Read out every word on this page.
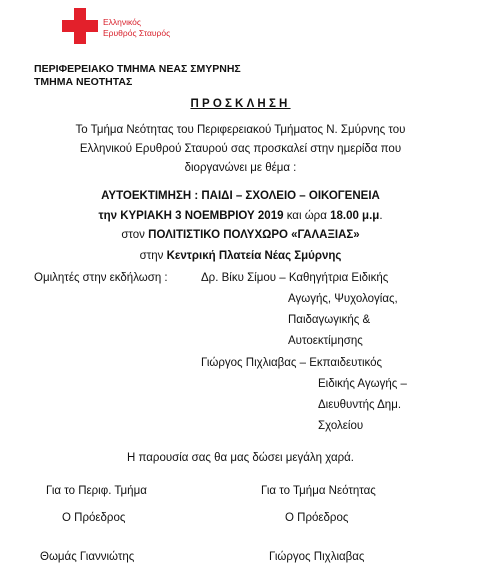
Ελληνικός
Ερυθρός Σταυρός
ΠΕΡΙΦΕΡΕΙΑΚΟ ΤΜΗΜΑ ΝΕΑΣ ΣΜΥΡΝΗΣ
ΤΜΗΜΑ ΝΕΟΤΗΤΑΣ
ΠΡΟΣΚΛΗΣΗ
Το Τμήμα Νεότητας του Περιφερειακού Τμήματος Ν. Σμύρνης του
Ελληνικού Ερυθρού Σταυρού σας προσκαλεί στην ημερίδα που
διοργανώνει με θέμα :
ΑΥΤΟΕΚΤΙΜΗΣΗ : ΠΑΙΔΙ – ΣΧΟΛΕΙΟ – ΟΙΚΟΓΕΝΕΙΑ
την ΚΥΡΙΑΚΗ 3 ΝΟΕΜΒΡΙΟΥ 2019 και ώρα 18.00 μ.μ.
στον ΠΟΛΙΤΙΣΤΙΚΟ ΠΟΛΥΧΩΡΟ «ΓΑΛΑΞΙΑΣ»
στην Κεντρική Πλατεία Νέας Σμύρνης
Ομιλητές στην εκδήλωση :	Δρ. Βίκυ Σίμου – Καθηγήτρια Ειδικής
Αγωγής, Ψυχολογίας,
Παιδαγωγικής &
Αυτοεκτίμησης
Γιώργος Πιχλιαβας – Εκπαιδευτικός
Ειδικής Αγωγής –
Διευθυντής Δημ.
Σχολείου
Η παρουσία σας θα μας δώσει μεγάλη χαρά.
Για το Περιφ. Τμήμα	Για το Τμήμα Νεότητας
Ο Πρόεδρος	Ο Πρόεδρος
Θωμάς Γιαννιώτης	Γιώργος Πιχλιαβας
